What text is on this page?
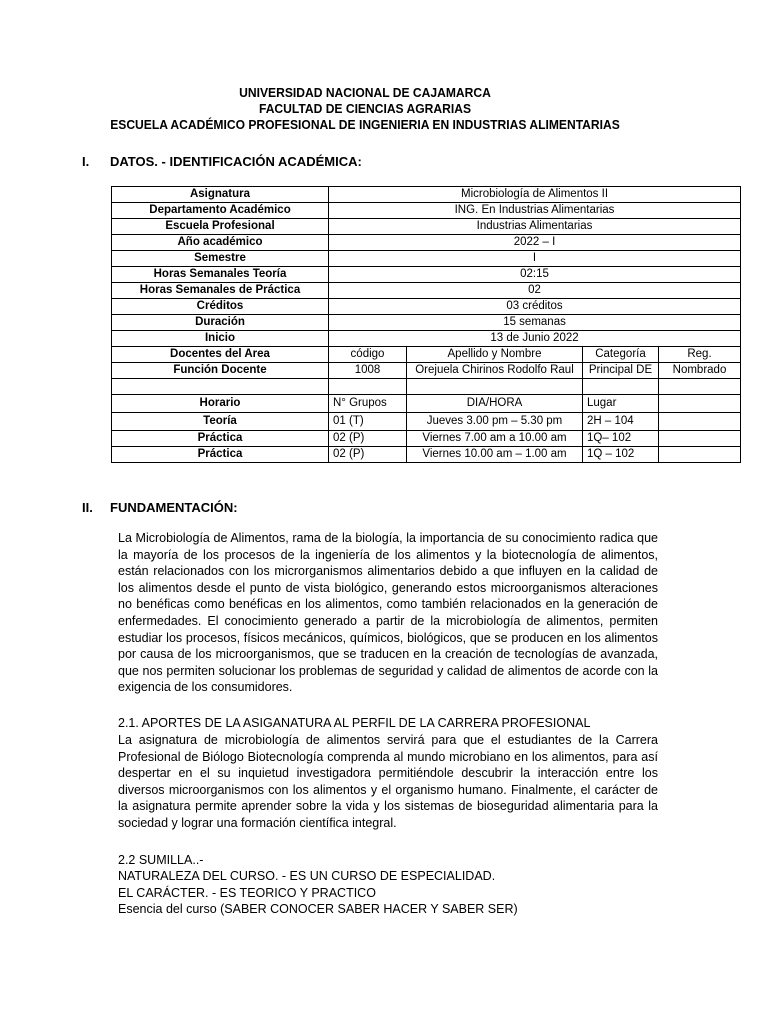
UNIVERSIDAD NACIONAL DE CAJAMARCA
FACULTAD DE CIENCIAS AGRARIAS
ESCUELA ACADÉMICO PROFESIONAL DE INGENIERIA EN INDUSTRIAS ALIMENTARIAS
I. DATOS. - IDENTIFICACIÓN ACADÉMICA:
Asignatura	Microbiología de Alimentos II			
Departamento Académico	ING. En Industrias Alimentarias			
Escuela Profesional	Industrias Alimentarias			
Año académico	2022 – I			
Semestre	I			
Horas Semanales Teoría	02:15			
Horas Semanales de Práctica	02			
Créditos	03 créditos			
Duración	15 semanas			
Inicio	13 de Junio 2022			
Docentes del Area	código	Apellido y Nombre	Categoría	Reg.
Función Docente	1008	Orejuela Chirinos Rodolfo Raul	Principal DE	Nombrado

Horario	N° Grupos	DIA/HORA	Lugar	
Teoría	01 (T)	Jueves 3.00 pm – 5.30 pm	2H – 104	
Práctica	02 (P)	Viernes 7.00 am a 10.00 am	1Q– 102	
Práctica	02 (P)	Viernes 10.00 am – 1.00 am	1Q – 102	
II. FUNDAMENTACIÓN:
La Microbiología de Alimentos, rama de la biología, la importancia de su conocimiento radica que la mayoría de los procesos de la ingeniería de los alimentos y la biotecnología de alimentos, están relacionados con los microrganismos alimentarios debido a que influyen en la calidad de los alimentos desde el punto de vista biológico, generando estos microorganismos alteraciones no benéficas como benéficas en los alimentos, como también relacionados en la generación de enfermedades. El conocimiento generado a partir de la microbiología de alimentos, permiten estudiar los procesos, físicos mecánicos, químicos, biológicos, que se producen en los alimentos por causa de los microorganismos, que se traducen en la creación de tecnologías de avanzada, que nos permiten solucionar los problemas de seguridad y calidad de alimentos de acorde con la exigencia de los consumidores.
2.1. APORTES DE LA ASIGANATURA AL PERFIL DE LA CARRERA PROFESIONAL
La asignatura de microbiología de alimentos servirá para que el estudiantes de la Carrera Profesional de Biólogo Biotecnología comprenda al mundo microbiano en los alimentos, para así despertar en el su inquietud investigadora permitiéndole descubrir la interacción entre los diversos microorganismos con los alimentos y el organismo humano. Finalmente, el carácter de la asignatura permite aprender sobre la vida y los sistemas de bioseguridad alimentaria para la sociedad y lograr una formación científica integral.
2.2 SUMILLA..-
NATURALEZA DEL CURSO. - ES UN CURSO DE ESPECIALIDAD.
EL CARÁCTER. - ES TEORICO Y PRACTICO
Esencia del curso (SABER CONOCER SABER HACER Y SABER SER)
